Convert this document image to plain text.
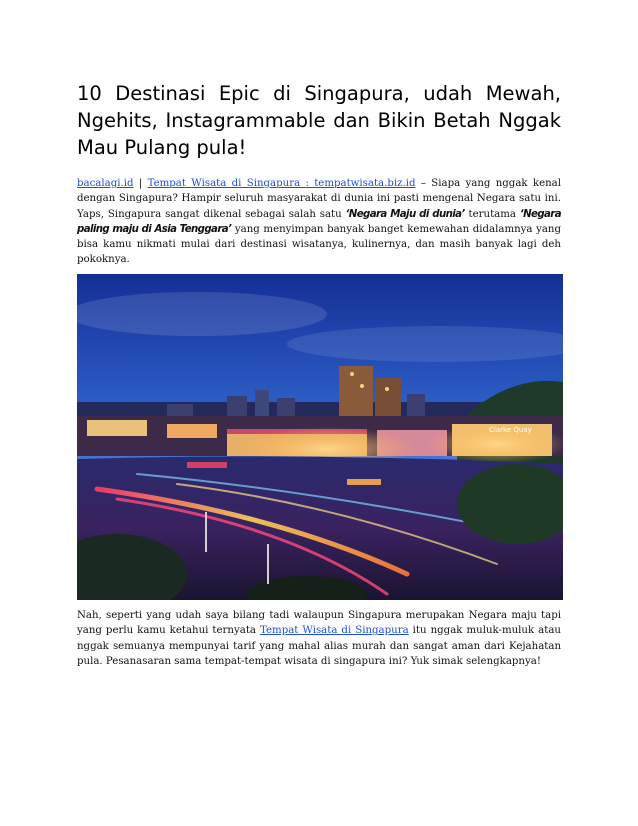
10 Destinasi Epic di Singapura, udah Mewah, Ngehits, Instagrammable dan Bikin Betah Nggak Mau Pulang pula!

bacalagi.id | Tempat Wisata di Singapura : tempatwisata.biz.id – Siapa yang nggak kenal dengan Singapura? Hampir seluruh masyarakat di dunia ini pasti mengenal Negara satu ini. Yaps, Singapura sangat dikenal sebagai salah satu ‘Negara Maju di dunia’ terutama ‘Negara paling maju di Asia Tenggara’ yang menyimpan banyak banget kemewahan didalamnya yang bisa kamu nikmati mulai dari destinasi wisatanya, kulinernya, dan masih banyak lagi deh pokoknya.

Clarke Quay

Nah, seperti yang udah saya bilang tadi walaupun Singapura merupakan Negara maju tapi yang perlu kamu ketahui ternyata Tempat Wisata di Singapura itu nggak muluk-muluk atau nggak semuanya mempunyai tarif yang mahal alias murah dan sangat aman dari Kejahatan pula. Pesanasaran sama tempat-tempat wisata di singapura ini? Yuk simak selengkapnya!
